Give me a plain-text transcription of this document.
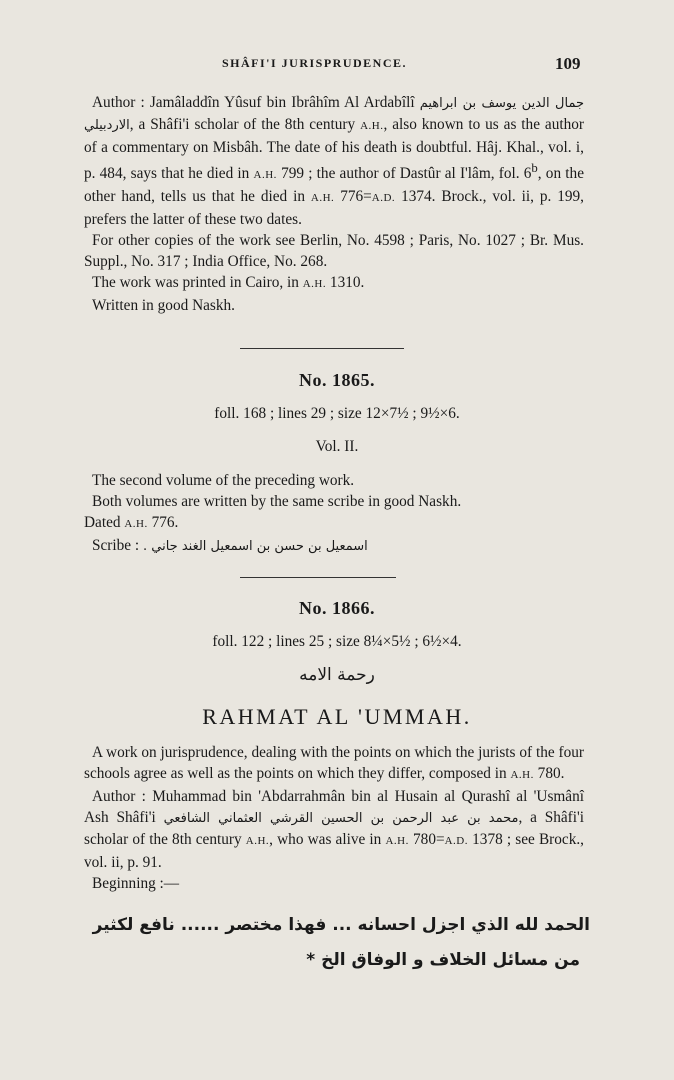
SHÂFI'I JURISPRUDENCE.	109

Author : Jamâladdîn Yûsuf bin Ibrâhîm Al Ardabîlî جمال الدين يوسف بن ابراهيم الاردبيلي, a Shâfi'i scholar of the 8th century A.H., also known to us as the author of a commentary on Misbâh. The date of his death is doubtful. Hâj. Khal., vol. i, p. 484, says that he died in A.H. 799 ; the author of Dastûr al I'lâm, fol. 6$^b$, on the other hand, tells us that he died in A.H. 776=A.D. 1374. Brock., vol. ii, p. 199, prefers the latter of these two dates.

For other copies of the work see Berlin, No. 4598 ; Paris, No. 1027 ; Br. Mus. Suppl., No. 317 ; India Office, No. 268.

The work was printed in Cairo, in A.H. 1310.

Written in good Naskh.

No. 1865.
foll. 168 ; lines 29 ; size 12×7½ ; 9½×6.
Vol. II.

The second volume of the preceding work.

Both volumes are written by the same scribe in good Naskh.

Dated A.H. 776.

Scribe : اسمعيل بن حسن بن اسمعيل الغند جاني .

No. 1866.
foll. 122 ; lines 25 ; size 8¼×5½ ; 6½×4.
رحمة الامه
RAHMAT AL 'UMMAH.

A work on jurisprudence, dealing with the points on which the jurists of the four schools agree as well as the points on which they differ, composed in A.H. 780.

Author : Muhammad bin 'Abdarrahmân bin al Husain al Qurashî al 'Usmânî Ash Shâfi'i محمد بن عبد الرحمن بن الحسين القرشي العثماني الشافعي, a Shâfi'i scholar of the 8th century A.H., who was alive in A.H. 780=A.D. 1378 ; see Brock., vol. ii, p. 91.

Beginning :—

الحمد لله الذي اجزل احسانه ... فهذا مختصر ...... نافع لكثير
من مسائل الخلاف و الوفاق الخ *
